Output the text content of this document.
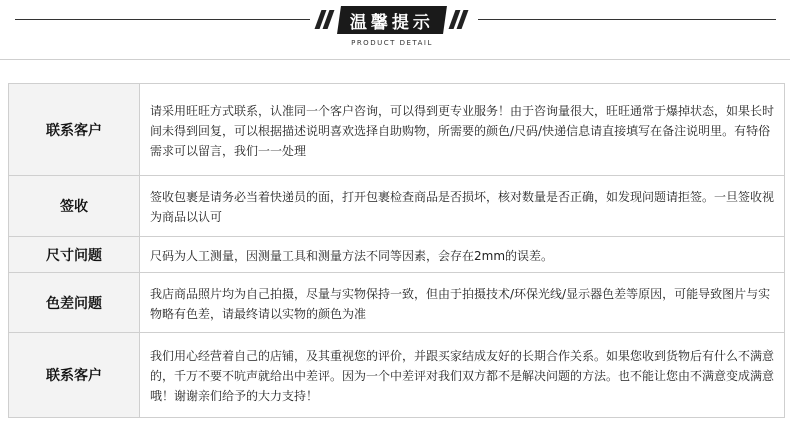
温馨提示
PRODUCT DETAIL
联系客户
请采用旺旺方式联系，认准同一个客户咨询，可以得到更专业服务！由于咨询量很大，旺旺通常于爆掉状态，如果长时间未得到回复，可以根据描述说明喜欢选择自助购物，所需要的颜色/尺码/快递信息请直接填写在备注说明里。有特俗需求可以留言，我们一一处理
签收
签收包裹是请务必当着快递员的面，打开包裹检查商品是否损坏，核对数量是否正确，如发现问题请拒签。一旦签收视为商品以认可
尺寸问题	尺码为人工测量，因测量工具和测量方法不同等因素，会存在2mm的误差。
色差问题
我店商品照片均为自己拍摄，尽量与实物保持一致，但由于拍摄技术/环保光线/显示器色差等原因，可能导致图片与实物略有色差，请最终请以实物的颜色为准
联系客户
我们用心经营着自己的店铺，及其重视您的评价，并跟买家结成友好的长期合作关系。如果您收到货物后有什么不满意的，千万不要不吭声就给出中差评。因为一个中差评对我们双方都不是解决问题的方法。也不能让您由不满意变成满意哦！谢谢亲们给予的大力支持！
